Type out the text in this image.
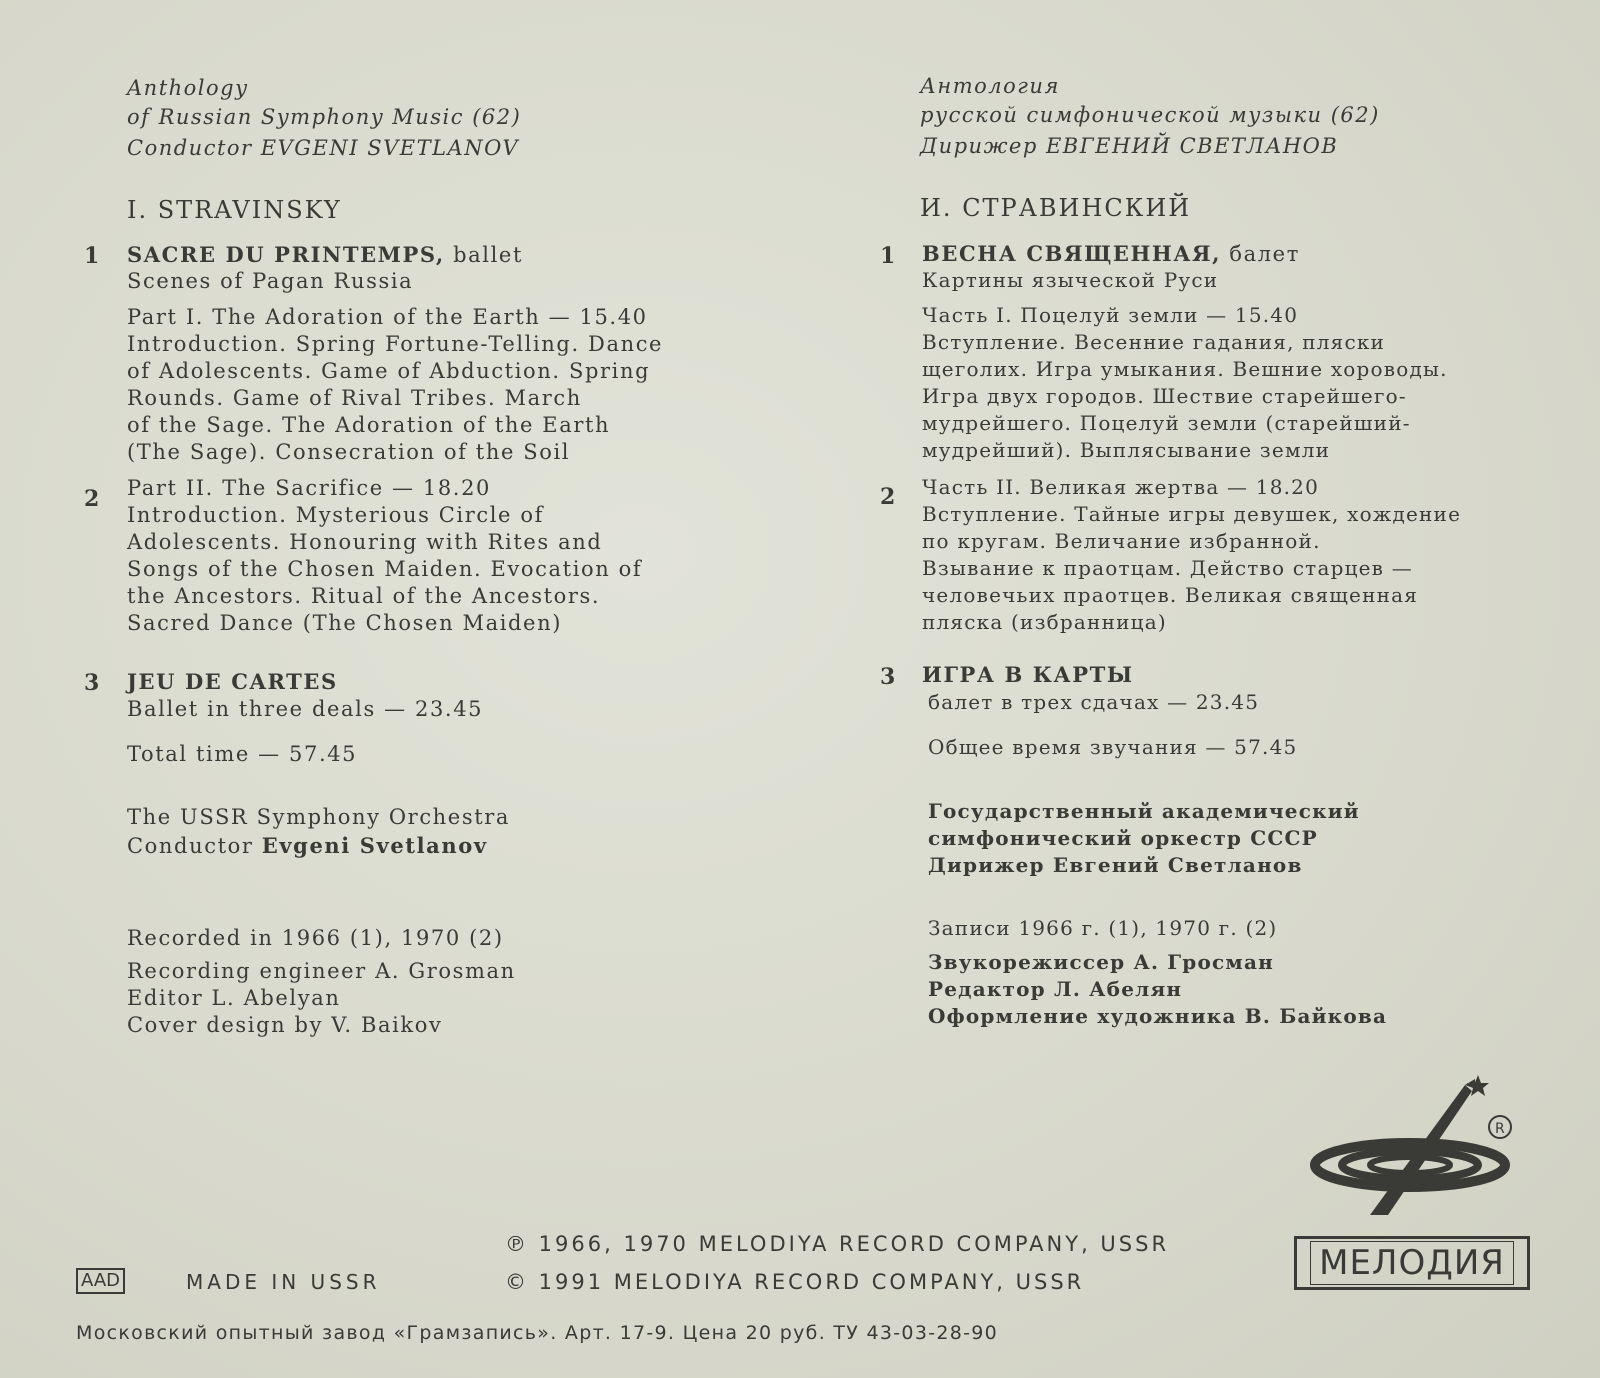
Anthology
of Russian Symphony Music (62)
Conductor EVGENI SVETLANOV
I. STRAVINSKY
1 SACRE DU PRINTEMPS, ballet
Scenes of Pagan Russia
Part I. The Adoration of the Earth — 15.40
Introduction. Spring Fortune-Telling. Dance
of Adolescents. Game of Abduction. Spring
Rounds. Game of Rival Tribes. March
of the Sage. The Adoration of the Earth
(The Sage). Consecration of the Soil
2 Part II. The Sacrifice — 18.20
Introduction. Mysterious Circle of
Adolescents. Honouring with Rites and
Songs of the Chosen Maiden. Evocation of
the Ancestors. Ritual of the Ancestors.
Sacred Dance (The Chosen Maiden)
3 JEU DE CARTES
Ballet in three deals — 23.45
Total time — 57.45
The USSR Symphony Orchestra
Conductor Evgeni Svetlanov
Recorded in 1966 (1), 1970 (2)
Recording engineer A. Grosman
Editor L. Abelyan
Cover design by V. Baikov
Антология
русской симфонической музыки (62)
Дирижер ЕВГЕНИЙ СВЕТЛАНОВ
И. СТРАВИНСКИЙ
1 ВЕСНА СВЯЩЕННАЯ, балет
Картины языческой Руси
Часть I. Поцелуй земли — 15.40
Вступление. Весенние гадания, пляски
щеголих. Игра умыкания. Вешние хороводы.
Игра двух городов. Шествие старейшего-
мудрейшего. Поцелуй земли (старейший-
мудрейший). Выплясывание земли
2 Часть II. Великая жертва — 18.20
Вступление. Тайные игры девушек, хождение
по кругам. Величание избранной.
Взывание к праотцам. Действо старцев —
человечьих праотцев. Великая священная
пляска (избранница)
3 ИГРА В КАРТЫ
балет в трех сдачах — 23.45
Общее время звучания — 57.45
Государственный академический
симфонический оркестр СССР
Дирижер Евгений Светланов
Записи 1966 г. (1), 1970 г. (2)
Звукорежиссер А. Гросман
Редактор Л. Абелян
Оформление художника В. Байкова
R
МЕЛОДИЯ
℗ 1966, 1970 MELODIYA RECORD COMPANY, USSR
© 1991 MELODIYA RECORD COMPANY, USSR
AAD	MADE IN USSR
Московский опытный завод «Грамзапись». Арт. 17-9. Цена 20 руб. ТУ 43-03-28-90
